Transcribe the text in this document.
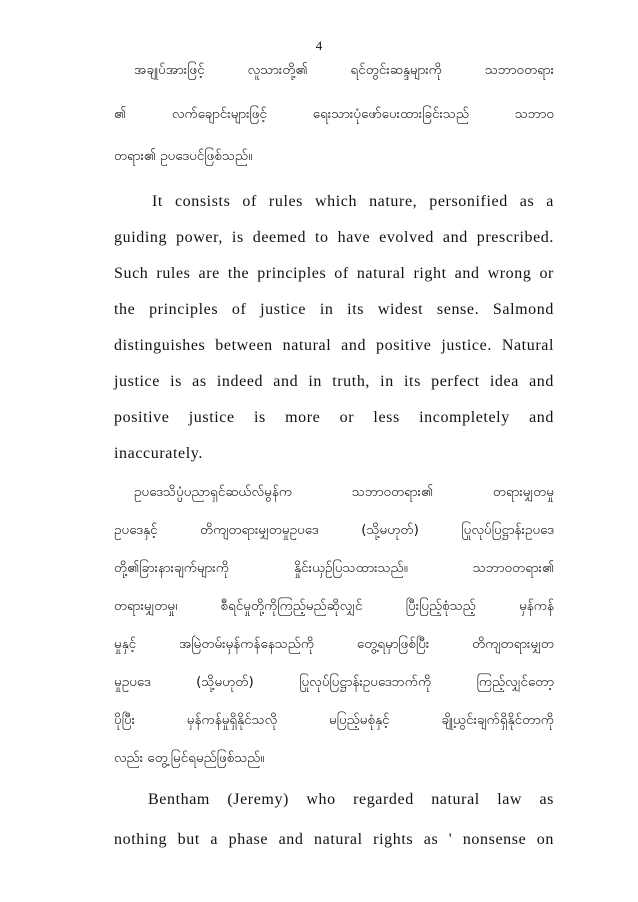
4
အချုပ်အားဖြင့် လူသားတို့၏ ရင်တွင်းဆန္ဒများကို သဘာဝတရား
၏ လက်ချောင်းများဖြင့် ရေးသားပုံဖော်ပေးထားခြင်းသည် သဘာဝ
တရား၏ ဥပဒေပင်ဖြစ်သည်။
It consists of rules which nature, personified as a
guiding power, is deemed to have evolved and prescribed.
Such rules are the principles of natural right and wrong or
the principles of justice in its widest sense. Salmond
distinguishes between natural and positive justice. Natural
justice is as indeed and in truth, in its perfect idea and
positive justice is more or less incompletely and
inaccurately.
ဥပဒေသိပ္ပံပညာရှင်ဆယ်လ်မွန်က သဘာဝတရား၏ တရားမျှတမှု
ဥပဒေနှင့် တိကျတရားမျှတမှုဥပဒေ (သို့မဟုတ်) ပြုလုပ်ပြဋ္ဌာန်းဥပဒေ
တို့၏ခြားနားချက်များကို နှိုင်းယှဉ်ပြသထားသည်။ သဘာဝတရား၏
တရားမျှတမှု၊ စီရင်မှုတို့ကိုကြည့်မည်ဆိုလျှင် ပြီးပြည့်စုံသည့် မှန်ကန်
မှုနှင့် အမြဲတမ်းမှန်ကန်နေသည်ကို တွေ့ရမှာဖြစ်ပြီး တိကျတရားမျှတ
မှုဥပဒေ (သို့မဟုတ်) ပြုလုပ်ပြဋ္ဌာန်းဥပဒေဘက်ကို ကြည့်လျှင်တော့
ပိုပြီး မှန်ကန်မှုရှိနိုင်သလို မပြည့်မစုံနှင့် ချို့ယွင်းချက်ရှိနိုင်တာကို
လည်း တွေ့မြင်ရမည်ဖြစ်သည်။
Bentham (Jeremy) who regarded natural law as
nothing but a phase and natural rights as ' nonsense on
